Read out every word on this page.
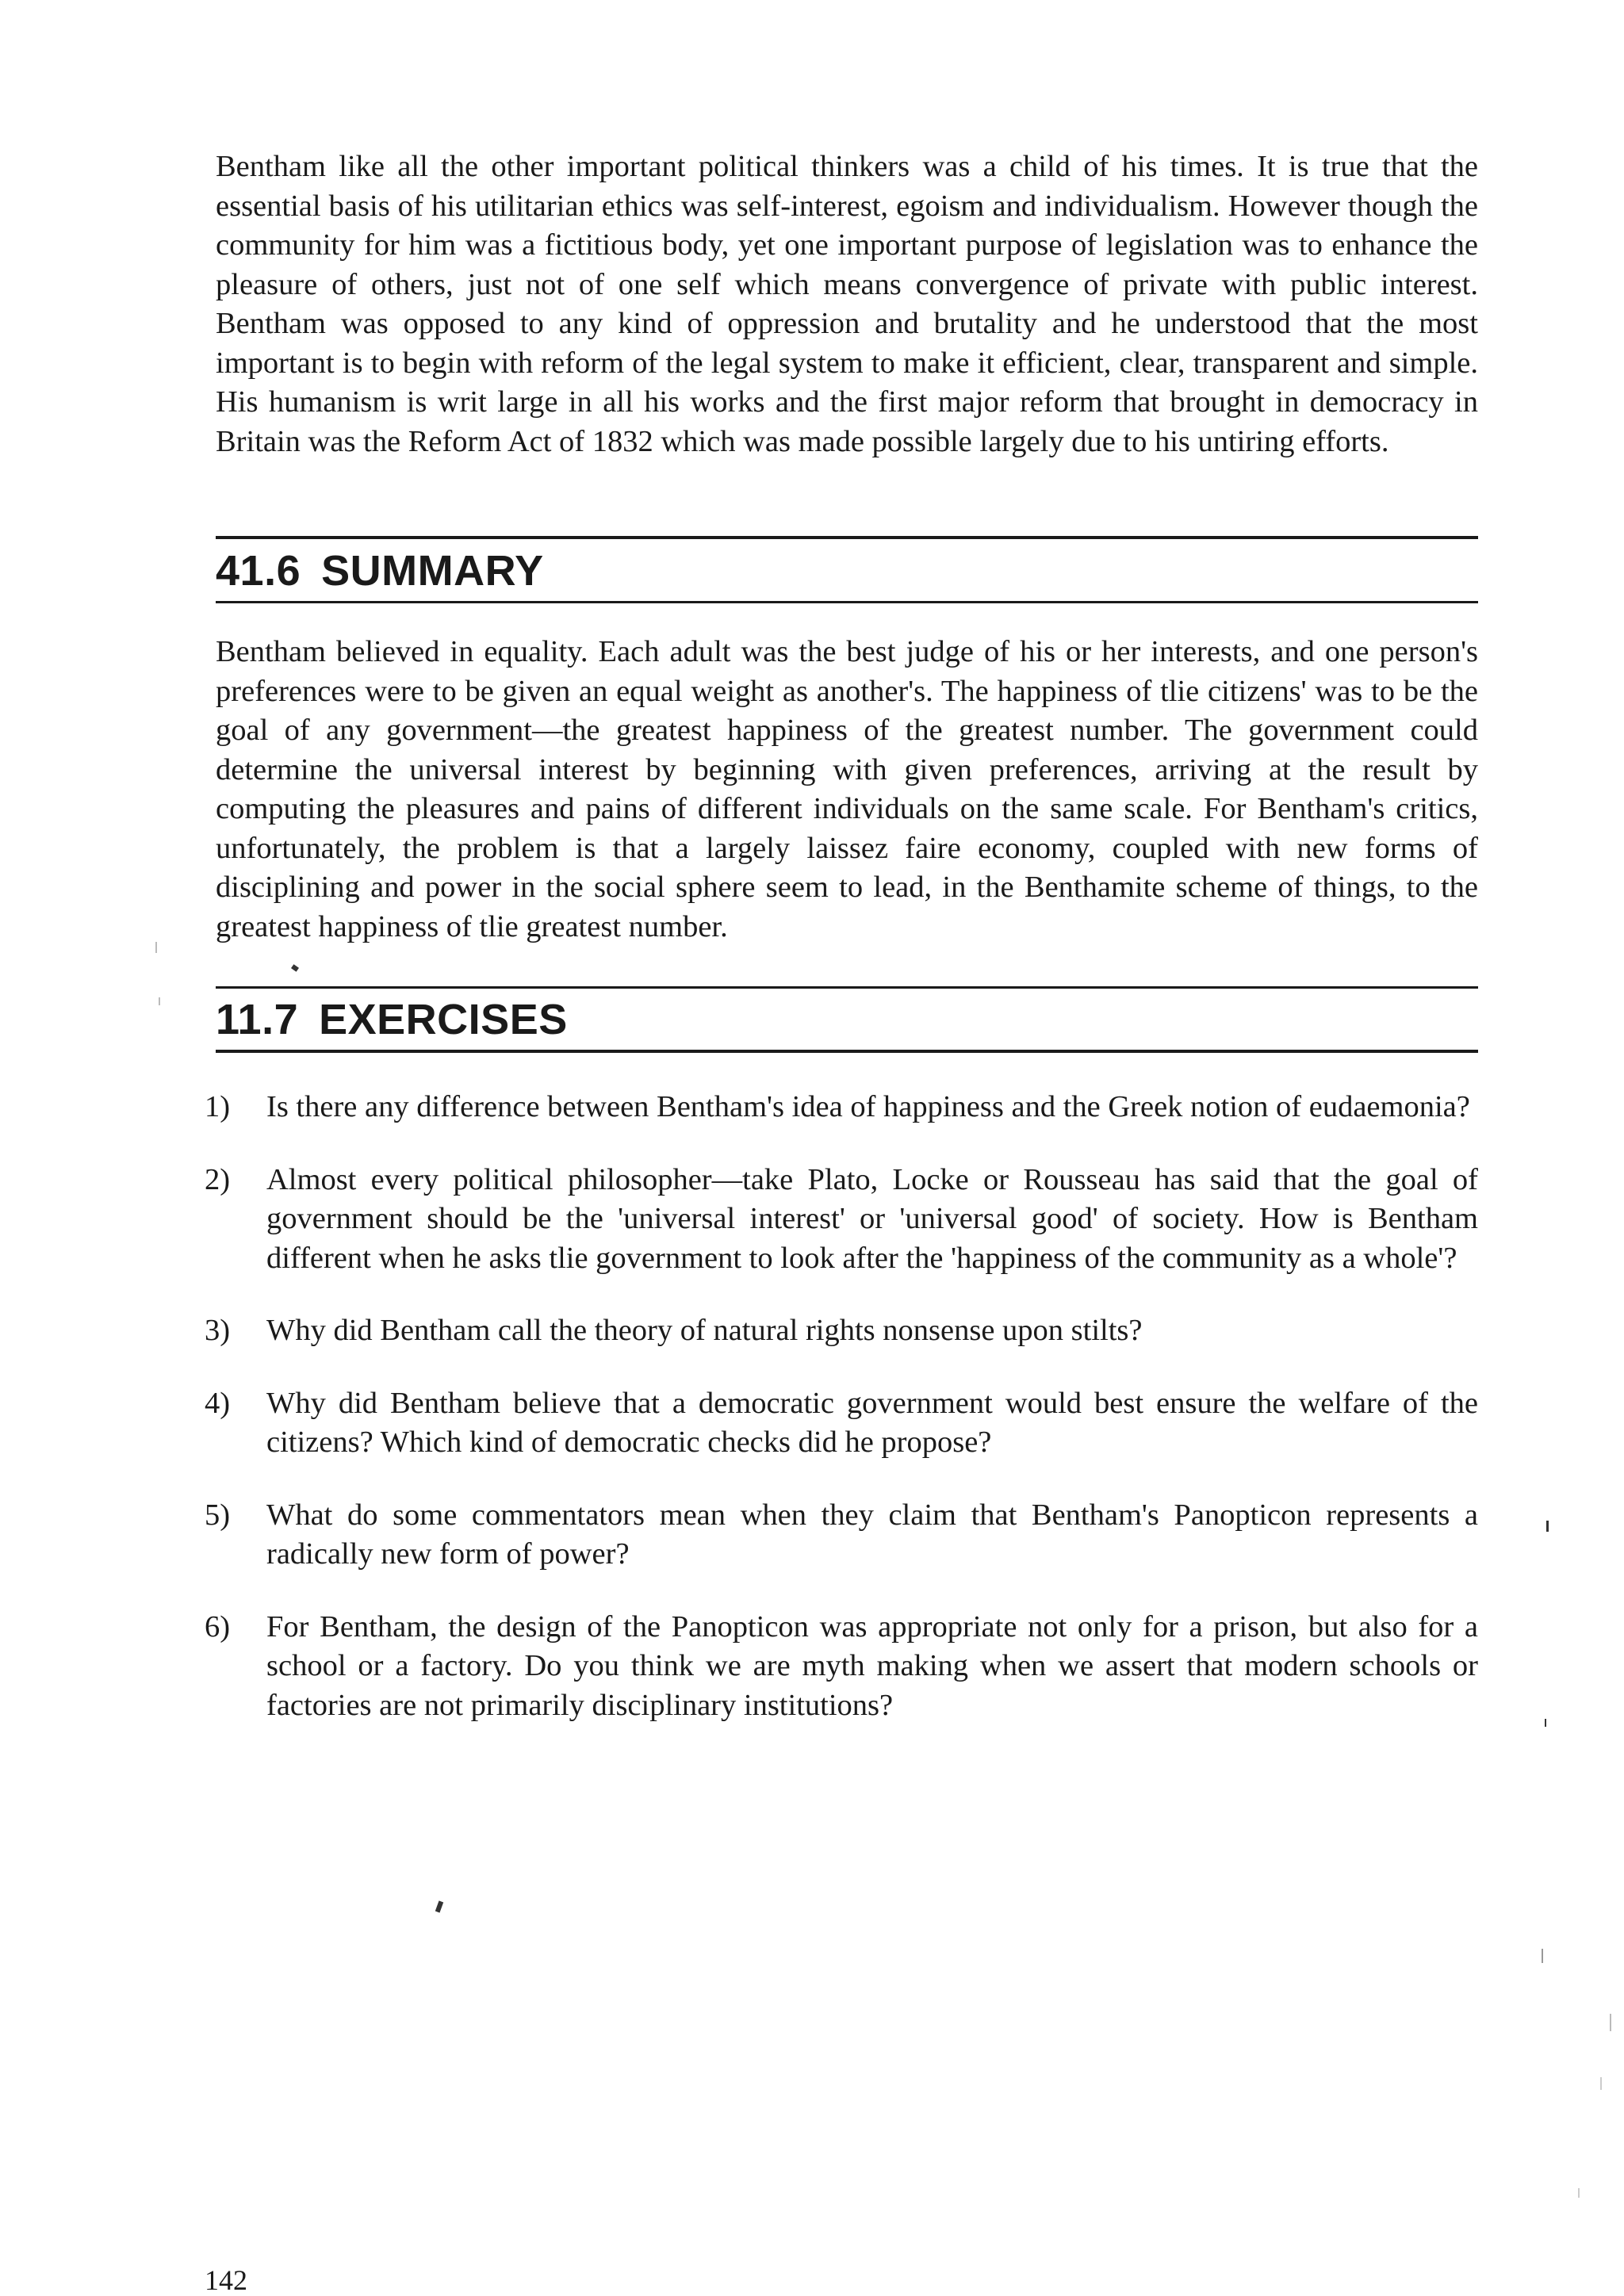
Bentham like all the other important political thinkers was a child of his times. It is true that the essential basis of his utilitarian ethics was self-interest, egoism and individualism. However though the community for him was a fictitious body, yet one important purpose of legislation was to enhance the pleasure of others, just not of one self which means convergence of private with public interest. Bentham was opposed to any kind of oppression and brutality and he understood that the most important is to begin with reform of the legal system to make it efficient, clear, transparent and simple. His humanism is writ large in all his works and the first major reform that brought in democracy in Britain was the Reform Act of 1832 which was made possible largely due to his untiring efforts.

41.6 SUMMARY

Bentham believed in equality. Each adult was the best judge of his or her interests, and one person's preferences were to be given an equal weight as another's. The happiness of tlie citizens' was to be the goal of any government—the greatest happiness of the greatest number. The government could determine the universal interest by beginning with given preferences, arriving at the result by computing the pleasures and pains of different individuals on the same scale. For Bentham's critics, unfortunately, the problem is that a largely laissez faire economy, coupled with new forms of disciplining and power in the social sphere seem to lead, in the Benthamite scheme of things, to the greatest happiness of tlie greatest number.

11.7 EXERCISES
1) Is there any difference between Bentham's idea of happiness and the Greek notion of eudaemonia?
2) Almost every political philosopher—take Plato, Locke or Rousseau has said that the goal of government should be the 'universal interest' or 'universal good' of society. How is Bentham different when he asks tlie government to look after the 'happiness of the community as a whole'?
3) Why did Bentham call the theory of natural rights nonsense upon stilts?
4) Why did Bentham believe that a democratic government would best ensure the welfare of the citizens? Which kind of democratic checks did he propose?
5) What do some commentators mean when they claim that Bentham's Panopticon represents a radically new form of power?
6) For Bentham, the design of the Panopticon was appropriate not only for a prison, but also for a school or a factory. Do you think we are myth making when we assert that modern schools or factories are not primarily disciplinary institutions?

142
